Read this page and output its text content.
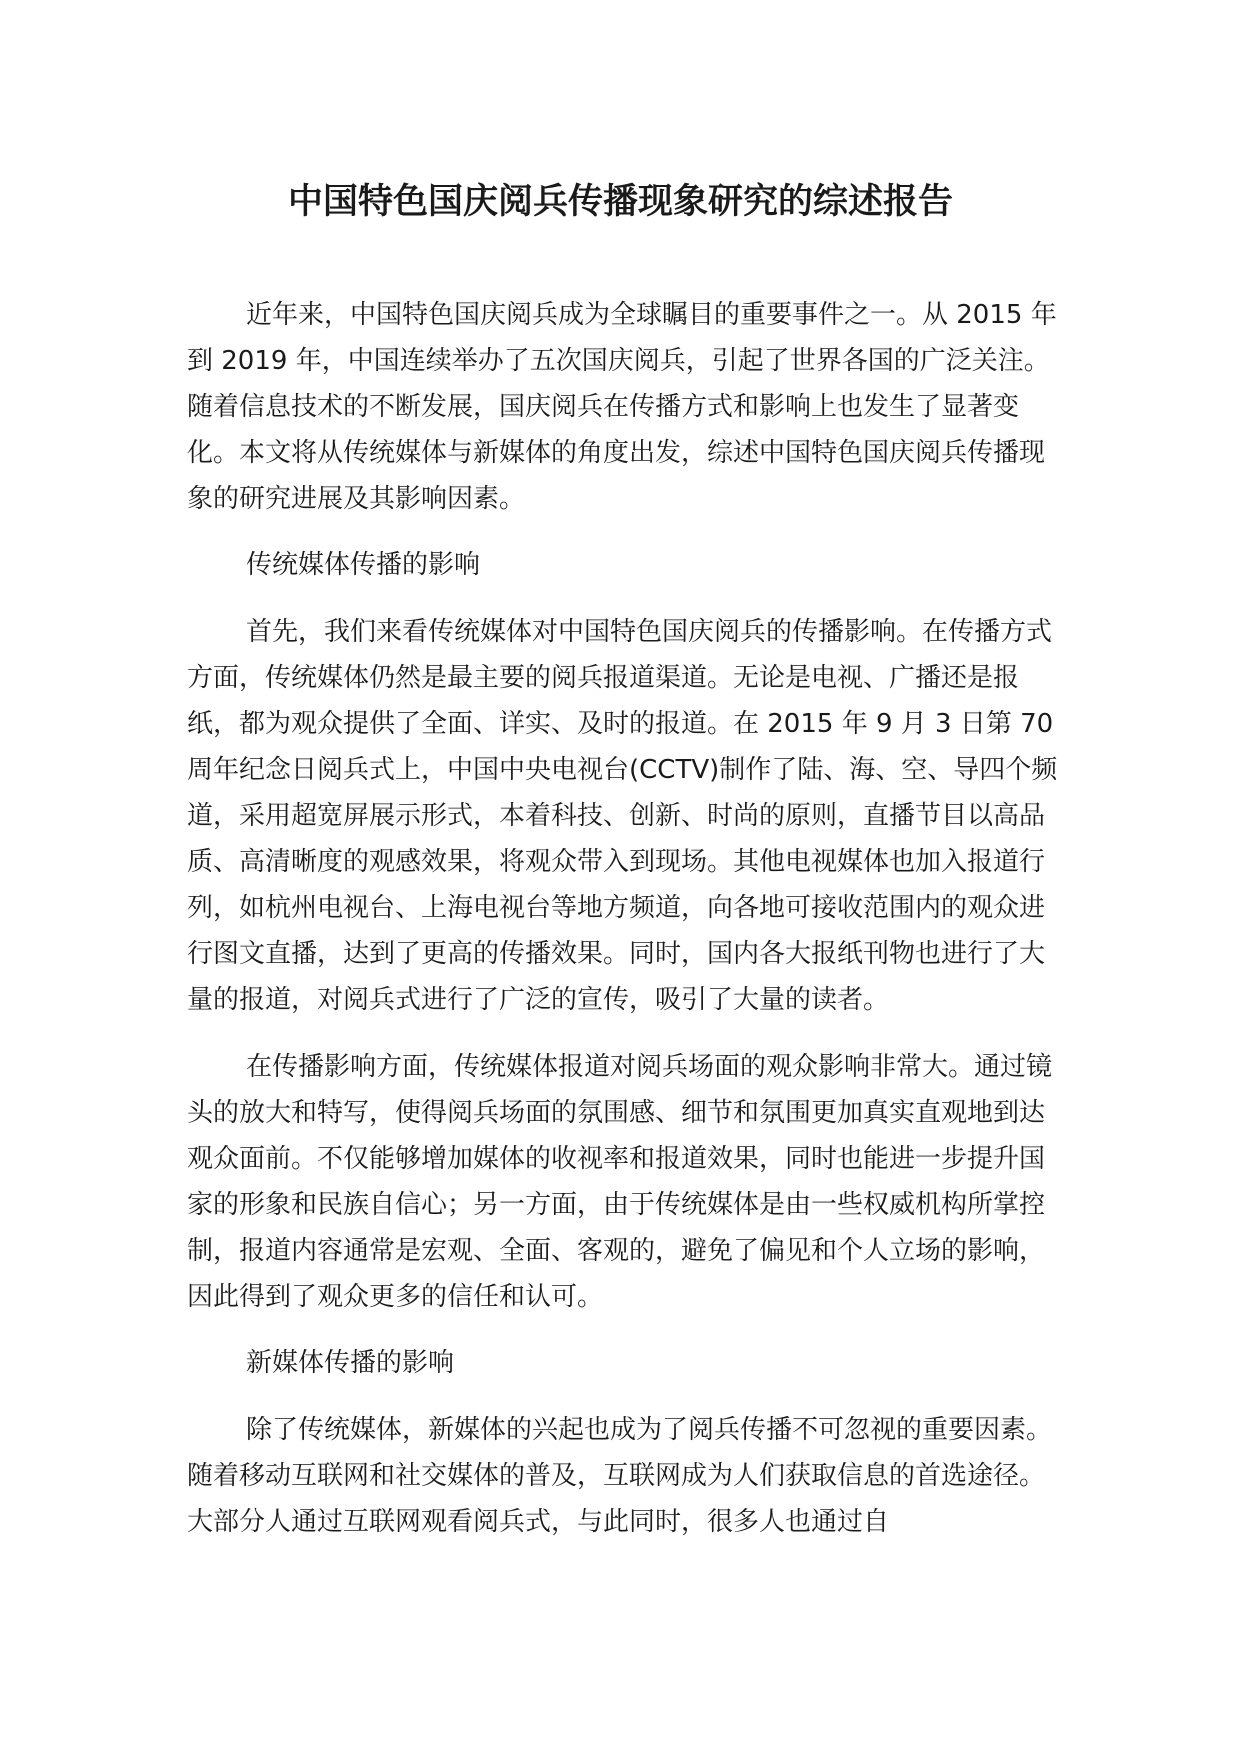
中国特色国庆阅兵传播现象研究的综述报告

近年来，中国特色国庆阅兵成为全球瞩目的重要事件之一。从 2015 年到 2019 年，中国连续举办了五次国庆阅兵，引起了世界各国的广泛关注。随着信息技术的不断发展，国庆阅兵在传播方式和影响上也发生了显著变化。本文将从传统媒体与新媒体的角度出发，综述中国特色国庆阅兵传播现象的研究进展及其影响因素。

传统媒体传播的影响

首先，我们来看传统媒体对中国特色国庆阅兵的传播影响。在传播方式方面，传统媒体仍然是最主要的阅兵报道渠道。无论是电视、广播还是报纸，都为观众提供了全面、详实、及时的报道。在 2015 年 9 月 3 日第 70 周年纪念日阅兵式上，中国中央电视台(CCTV)制作了陆、海、空、导四个频道，采用超宽屏展示形式，本着科技、创新、时尚的原则，直播节目以高品质、高清晰度的观感效果，将观众带入到现场。其他电视媒体也加入报道行列，如杭州电视台、上海电视台等地方频道，向各地可接收范围内的观众进行图文直播，达到了更高的传播效果。同时，国内各大报纸刊物也进行了大量的报道，对阅兵式进行了广泛的宣传，吸引了大量的读者。

在传播影响方面，传统媒体报道对阅兵场面的观众影响非常大。通过镜头的放大和特写，使得阅兵场面的氛围感、细节和氛围更加真实直观地到达观众面前。不仅能够增加媒体的收视率和报道效果，同时也能进一步提升国家的形象和民族自信心；另一方面，由于传统媒体是由一些权威机构所掌控制，报道内容通常是宏观、全面、客观的，避免了偏见和个人立场的影响，因此得到了观众更多的信任和认可。

新媒体传播的影响

除了传统媒体，新媒体的兴起也成为了阅兵传播不可忽视的重要因素。随着移动互联网和社交媒体的普及，互联网成为人们获取信息的首选途径。大部分人通过互联网观看阅兵式，与此同时，很多人也通过自
